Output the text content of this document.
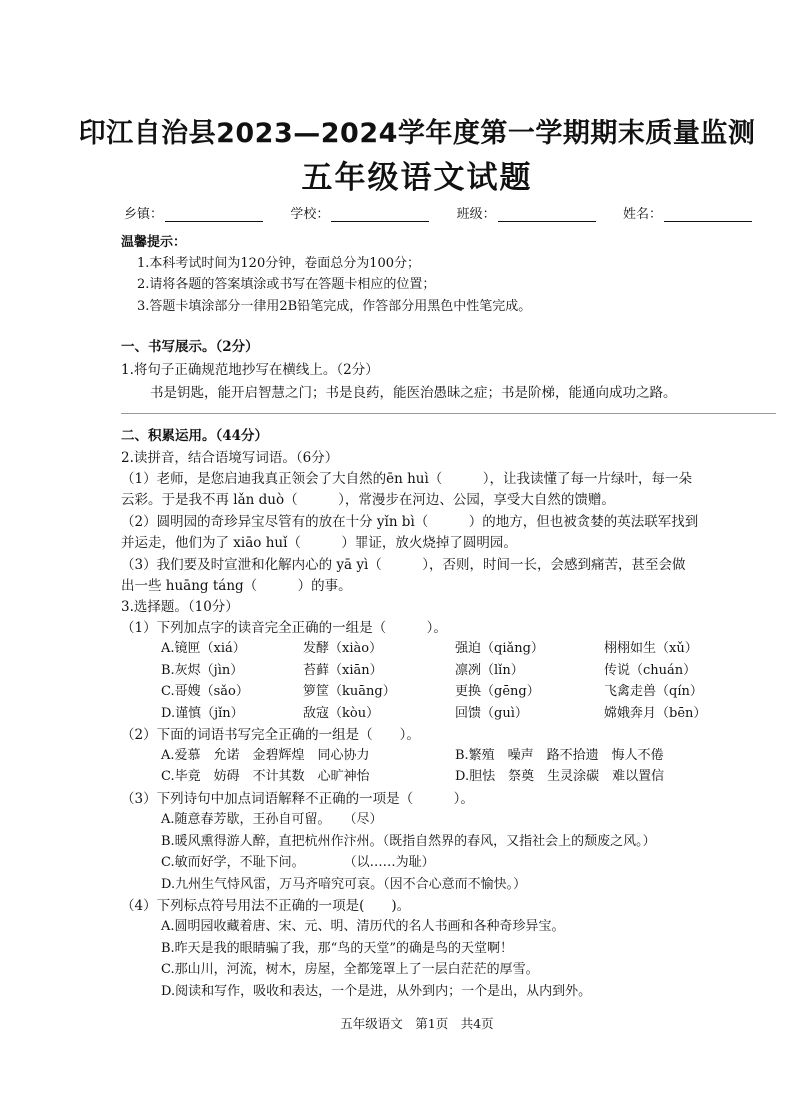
印江自治县2023—2024学年度第一学期期末质量监测
五年级语文试题
乡镇：	学校：	班级：	姓名：
温馨提示：
1.本科考试时间为120分钟，卷面总分为100分；
2.请将各题的答案填涂或书写在答题卡相应的位置；
3.答题卡填涂部分一律用2B铅笔完成，作答部分用黑色中性笔完成。
一、书写展示。（2分）
1.将句子正确规范地抄写在横线上。（2分）
书是钥匙，能开启智慧之门；书是良药，能医治愚昧之症；书是阶梯，能通向成功之路。
二、积累运用。（44分）
2.读拼音，结合语境写词语。（6分）
（1）老师，是您启迪我真正领会了大自然的ēn huì（　　　），让我读懂了每一片绿叶，每一朵
云彩。于是我不再 lǎn duò（　　　），常漫步在河边、公园，享受大自然的馈赠。
（2）圆明园的奇珍异宝尽管有的放在十分 yǐn bì（　　　）的地方，但也被贪婪的英法联军找到
并运走，他们为了 xiāo huǐ（　　　）罪证，放火烧掉了圆明园。
（3）我们要及时宣泄和化解内心的 yā yì（　　　），否则，时间一长，会感到痛苦，甚至会做
出一些 huāng táng（　　　）的事。
3.选择题。（10分）
（1）下列加点字的读音完全正确的一组是（　　　）。
A.镜匣（xiá）	发酵（xiào）	强迫（qiǎng）	栩栩如生（xǔ）
B.灰烬（jìn）	苔藓（xiān）	凛冽（lǐn）	传说（chuán）
C.哥嫂（sǎo）	箩筐（kuāng）	更换（gēng）	飞禽走兽（qín）
D.谨慎（jǐn）	敌寇（kòu）	回馈（guì）	嫦娥奔月（bēn）
（2）下面的词语书写完全正确的一组是（　　）。
A.爱慕　允诺　金碧辉煌　同心协力	B.繁殖　噪声　路不拾遗　悔人不倦
C.毕竟　妨碍　不计其数　心旷神怡	D.胆怯　祭奠　生灵涂碳　难以置信
（3）下列诗句中加点词语解释不正确的一项是（　　　）。
A.随意春芳歇，王孙自可留。　　（尽）
B.暖风熏得游人醉，直把杭州作汴州。（既指自然界的春风，又指社会上的颓废之风。）
C.敏而好学，不耻下问。　　　　（以……为耻）
D.九州生气恃风雷，万马齐喑究可哀。（因不合心意而不愉快。）
（4）下列标点符号用法不正确的一项是(　　)。
A.圆明园收藏着唐、宋、元、明、清历代的名人书画和各种奇珍异宝。
B.昨天是我的眼睛骗了我，那“鸟的天堂”的确是鸟的天堂啊！
C.那山川，河流，树木，房屋，全都笼罩上了一层白茫茫的厚雪。
D.阅读和写作，吸收和表达，一个是进，从外到内；一个是出，从内到外。
五年级语文　第1页　共4页
